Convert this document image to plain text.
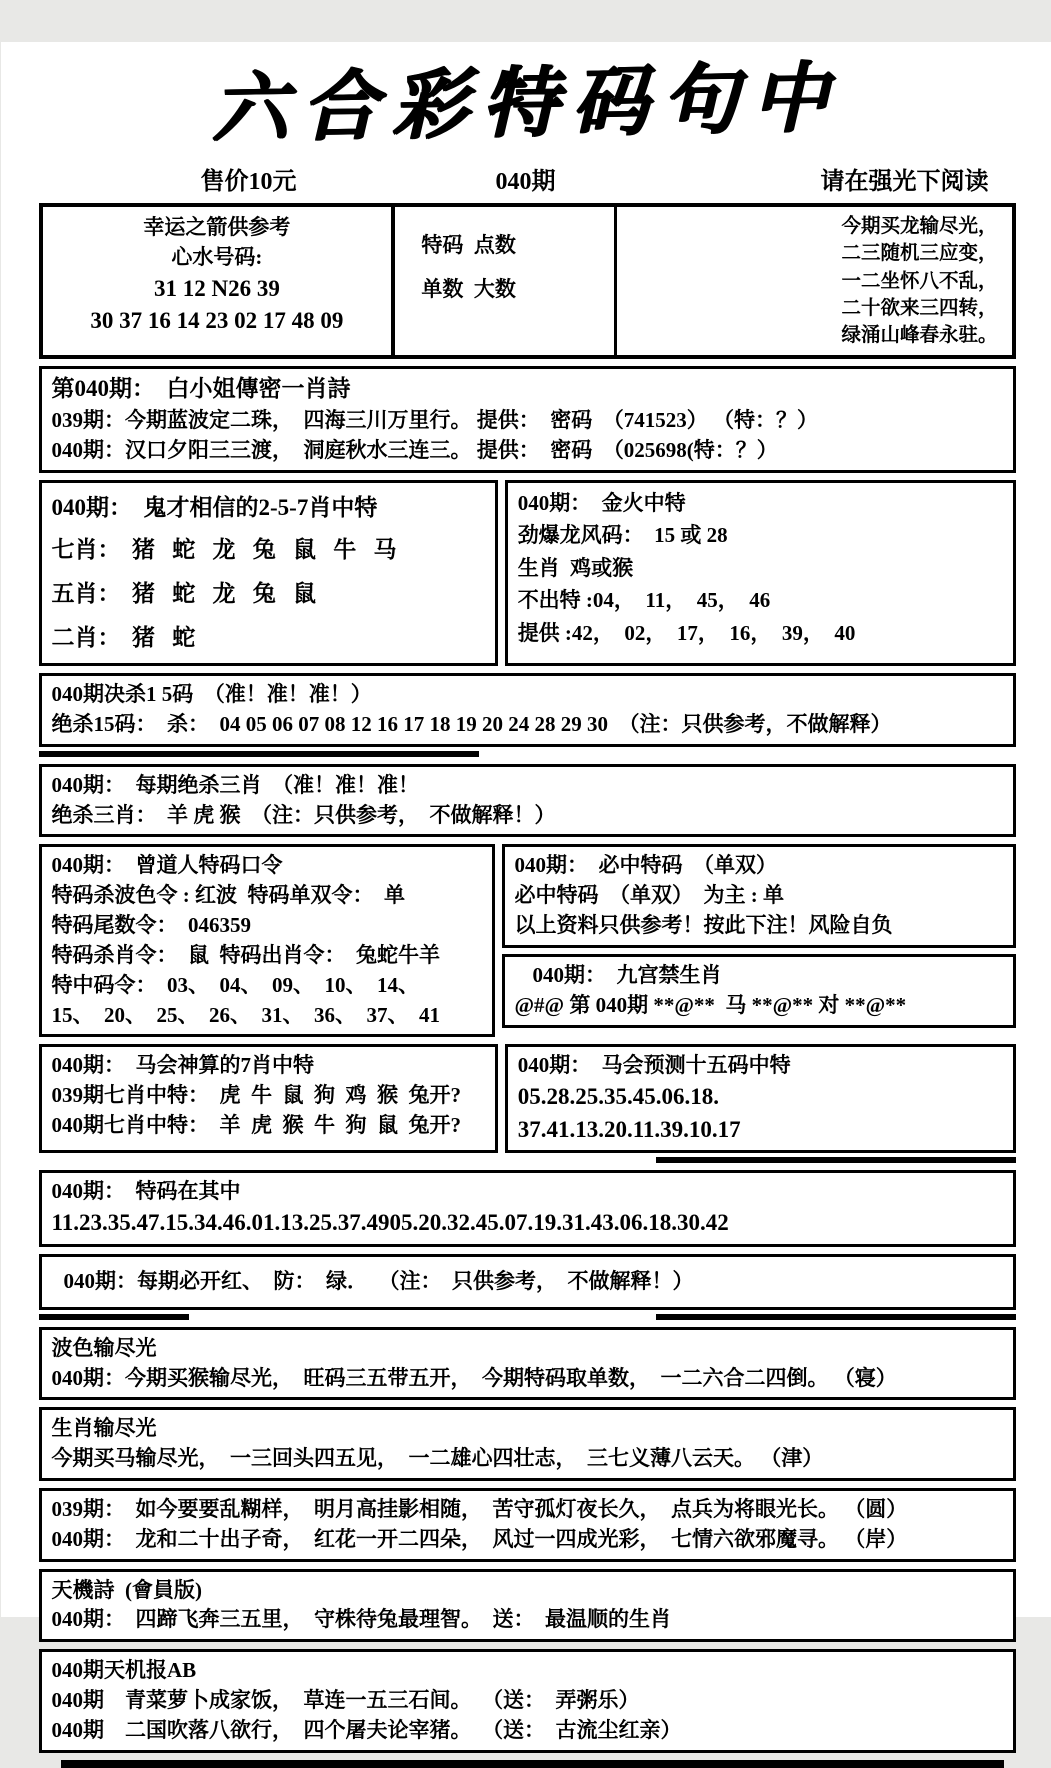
六合彩特码句中
售价10元	040期	请在强光下阅读
幸运之箭供参考
心水号码:
31 12 N26 39
30 37 16 14 23 02 17 48 09
特码  点数
单数  大数
今期买龙输尽光，
二三随机三应变，
一二坐怀八不乱，
二十欲来三四转，
绿涌山峰春永驻。
第040期：  白小姐傳密一肖詩
039期：今期蓝波定二珠，  四海三川万里行。 提供：  密码  （741523） （特：？）
040期：汉口夕阳三三渡，  洞庭秋水三连三。 提供：  密码  （025698(特：？）
040期：  鬼才相信的2-5-7肖中特
七肖：  猪   蛇   龙   兔   鼠   牛   马
五肖：  猪   蛇   龙   兔   鼠
二肖：  猪   蛇
040期：  金火中特
劲爆龙风码：  15 或 28
生肖  鸡或猴
不出特 :04，  11，  45，  46
提供 :42，  02，  17，  16，  39，  40
040期决杀1 5码  （准！准！准！）
绝杀15码：  杀：  04 05 06 07 08 12 16 17 18 19 20 24 28 29 30  （注：只供参考，不做解释）
040期：  每期绝杀三肖  （准！准！准！
绝杀三肖：  羊 虎 猴  （注：只供参考，  不做解释！）
040期：  曾道人特码口令
特码杀波色令 : 红波  特码单双令：  单
特码尾数令：  046359
特码杀肖令：  鼠  特码出肖令：  兔蛇牛羊
特中码令：  03、  04、  09、  10、  14、
15、  20、  25、  26、  31、  36、  37、  41
040期：  必中特码  （单双）
必中特码  （单双）  为主 : 单
以上资料只供参考！按此下注！风险自负
040期：  九宫禁生肖
@#@ 第 040期 **@**  马 **@** 对 **@**
040期：  马会神算的7肖中特
039期七肖中特：  虎  牛  鼠  狗  鸡  猴  兔开?
040期七肖中特：  羊  虎  猴  牛  狗  鼠  兔开?
040期：  马会预测十五码中特
05.28.25.35.45.06.18.
37.41.13.20.11.39.10.17
040期：  特码在其中
11.23.35.47.15.34.46.01.13.25.37.4905.20.32.45.07.19.31.43.06.18.30.42
040期：每期必开红、  防：  绿．  （注：  只供参考，  不做解释！）
波色输尽光
040期：今期买猴输尽光，  旺码三五带五开，  今期特码取单数，  一二六合二四倒。 （寝）
生肖输尽光
今期买马输尽光，  一三回头四五见，  一二雄心四壮志，  三七义薄八云天。 （津）
039期：  如今要要乱糊样，  明月高挂影相随，  苦守孤灯夜长久，  点兵为将眼光长。 （圆）
040期：  龙和二十出子奇，  红花一开二四朵，  风过一四成光彩，  七情六欲邪魔寻。 （岸）
天機詩  (會員版)
040期：  四蹄飞奔三五里，  守株待兔最理智。  送：  最温顺的生肖
040期天机报AB
040期    青菜萝卜成家饭，  草连一五三石间。  （送：  弄粥乐）
040期    二国吹落八欲行，  四个屠夫论宰猪。  （送：  古流尘红亲）
